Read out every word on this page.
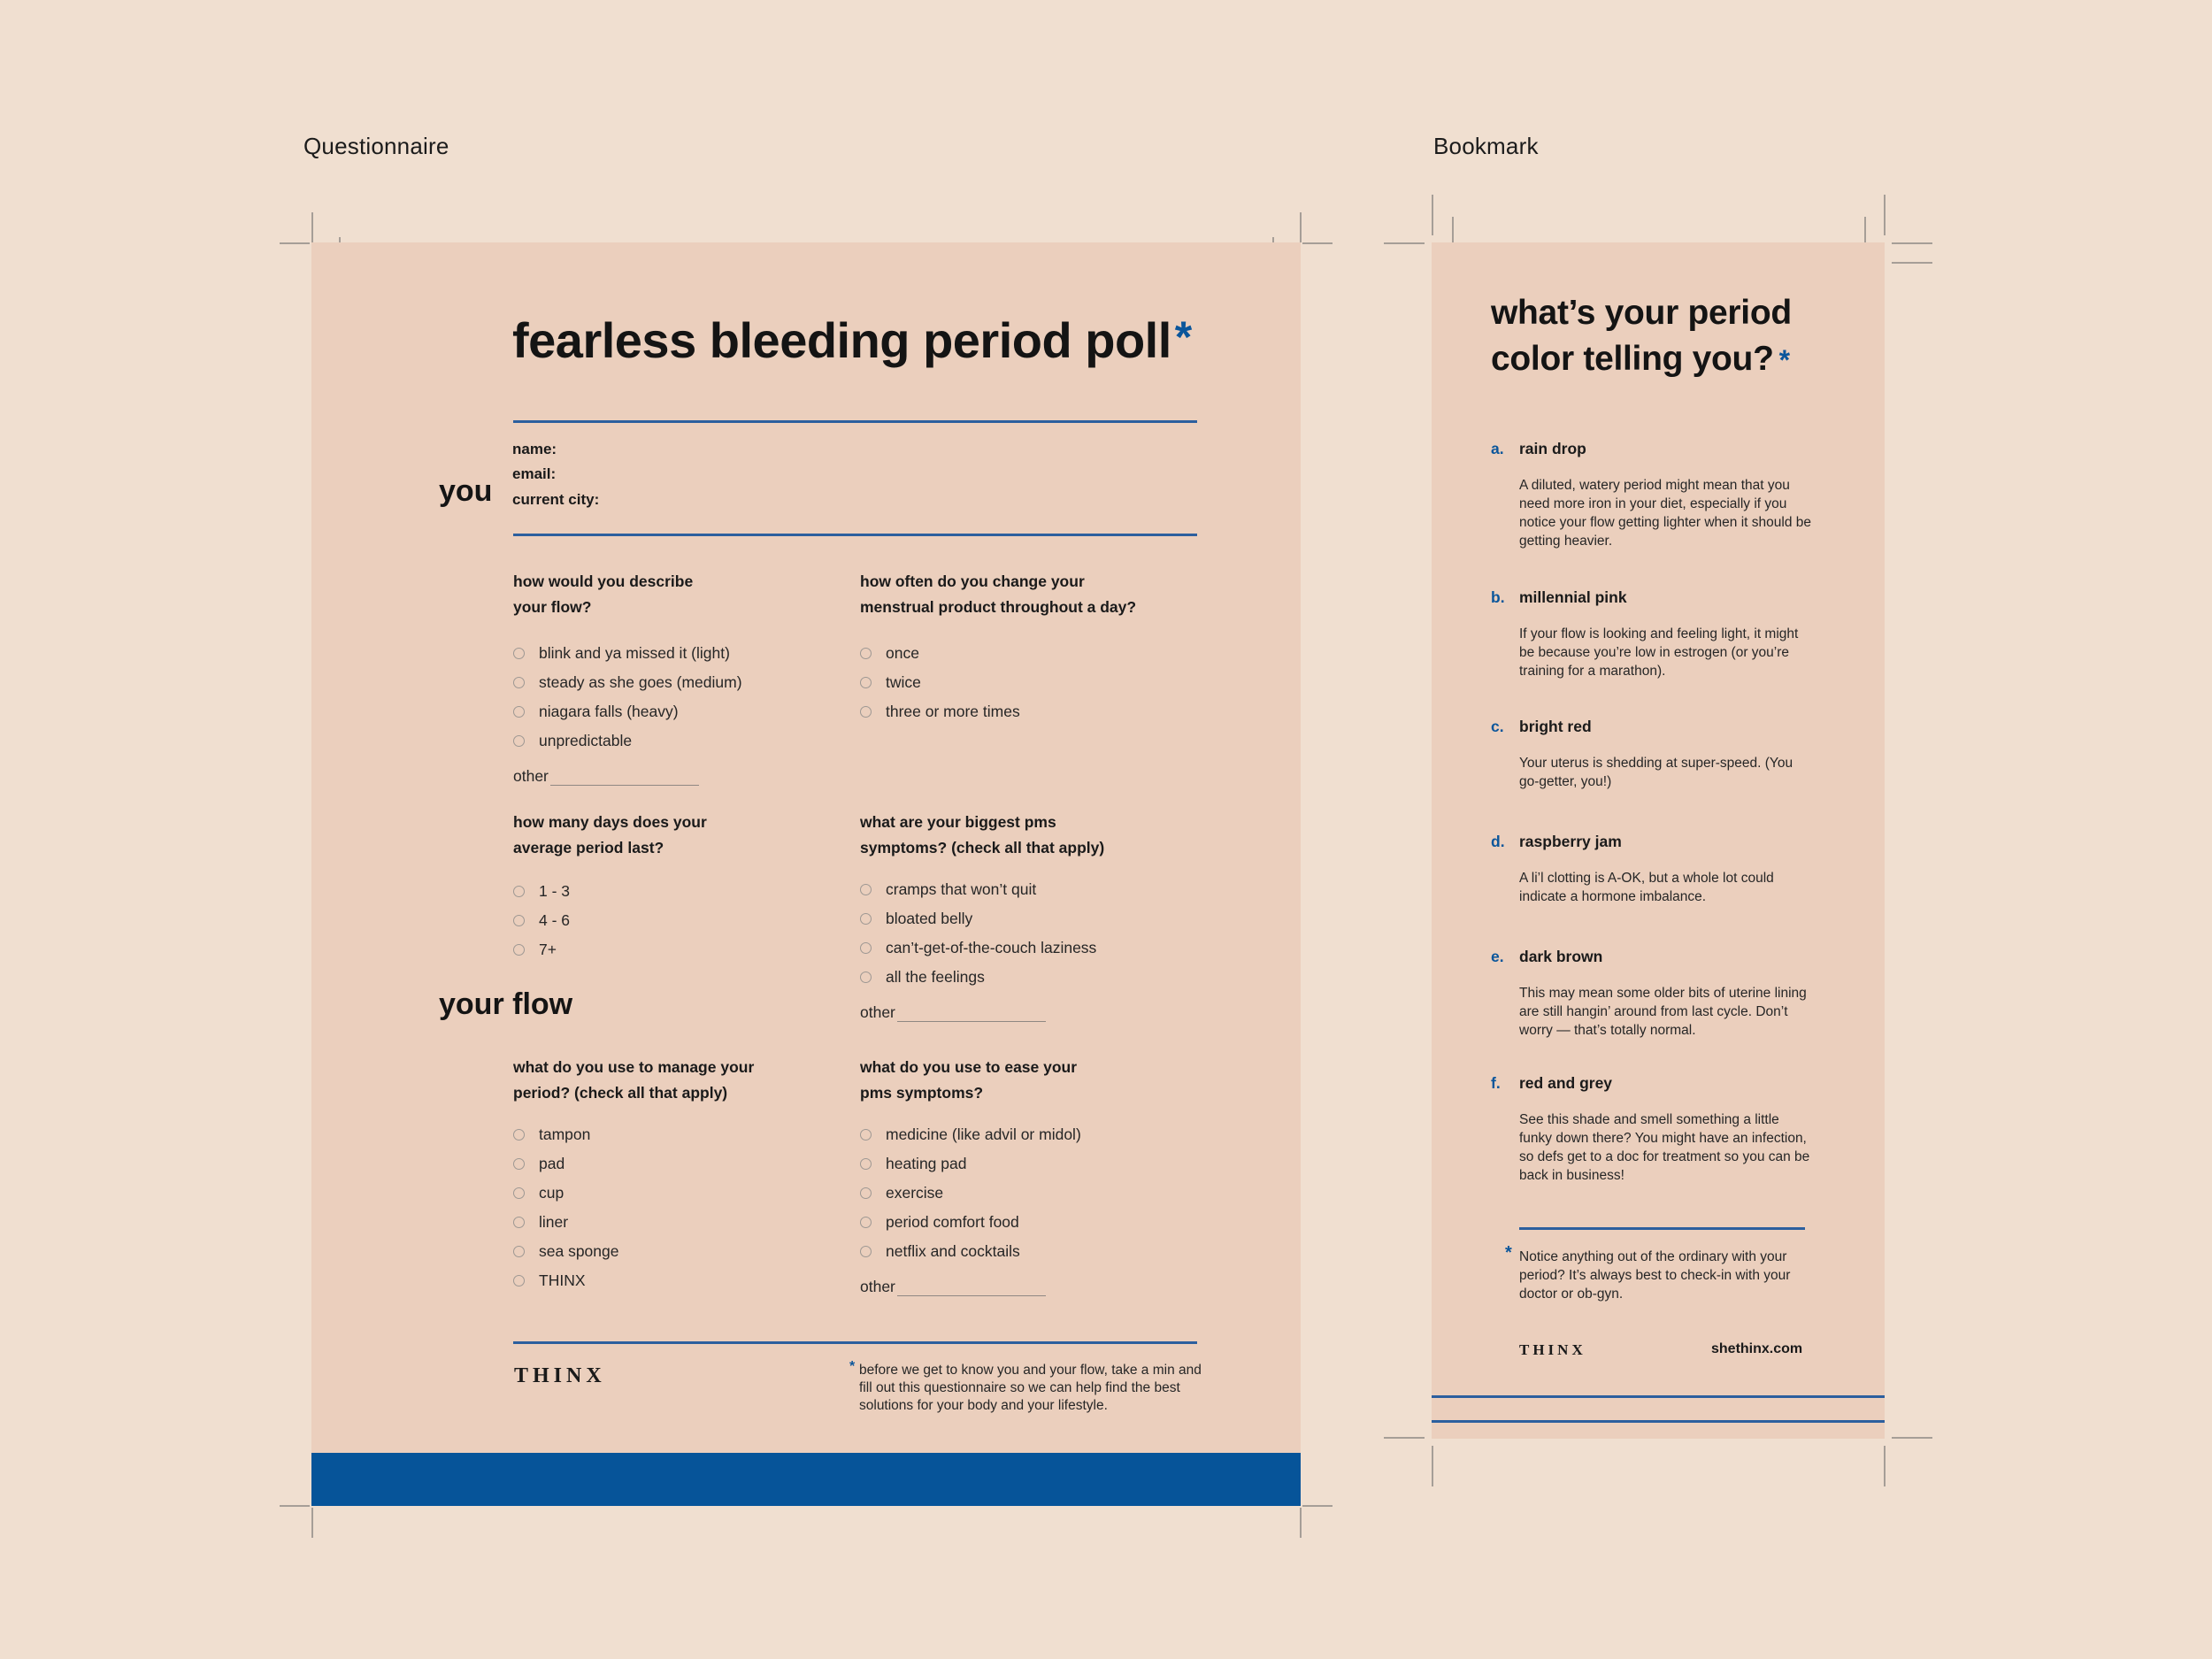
Questionnaire	Bookmark
fearless bleeding period poll*
you
name:
email:
current city:
how would you describe
your flow?
blink and ya missed it (light)
steady as she goes (medium)
niagara falls (heavy)
unpredictable
other
how often do you change your
menstrual product throughout a day?
once
twice
three or more times
how many days does your
average period last?
1 - 3
4 - 6
7+
what are your biggest pms
symptoms? (check all that apply)
cramps that won’t quit
bloated belly
can’t-get-of-the-couch laziness
all the feelings
other
your flow
what do you use to manage your
period? (check all that apply)
tampon
pad
cup
liner
sea sponge
THINX
what do you use to ease your
pms symptoms?
medicine (like advil or midol)
heating pad
exercise
period comfort food
netflix and cocktails
other
THINX	* before we get to know you and your flow, take a min and fill out this questionnaire so we can help find the best solutions for your body and your lifestyle.
what’s your period
color telling you? *
a. rain drop
A diluted, watery period might mean that you need more iron in your diet, especially if you notice your flow getting lighter when it should be getting heavier.
b. millennial pink
If your flow is looking and feeling light, it might be because you’re low in estrogen (or you’re training for a marathon).
c. bright red
Your uterus is shedding at super-speed. (You go-getter, you!)
d. raspberry jam
A li’l clotting is A-OK, but a whole lot could indicate a hormone imbalance.
e. dark brown
This may mean some older bits of uterine lining are still hangin’ around from last cycle. Don’t worry — that’s totally normal.
f.	red and grey
See this shade and smell something a little funky down there? You might have an infection, so defs get to a doc for treatment so you can be back in business!
* Notice anything out of the ordinary with your period? It’s always best to check-in with your doctor or ob-gyn.
THINX	shethinx.com
